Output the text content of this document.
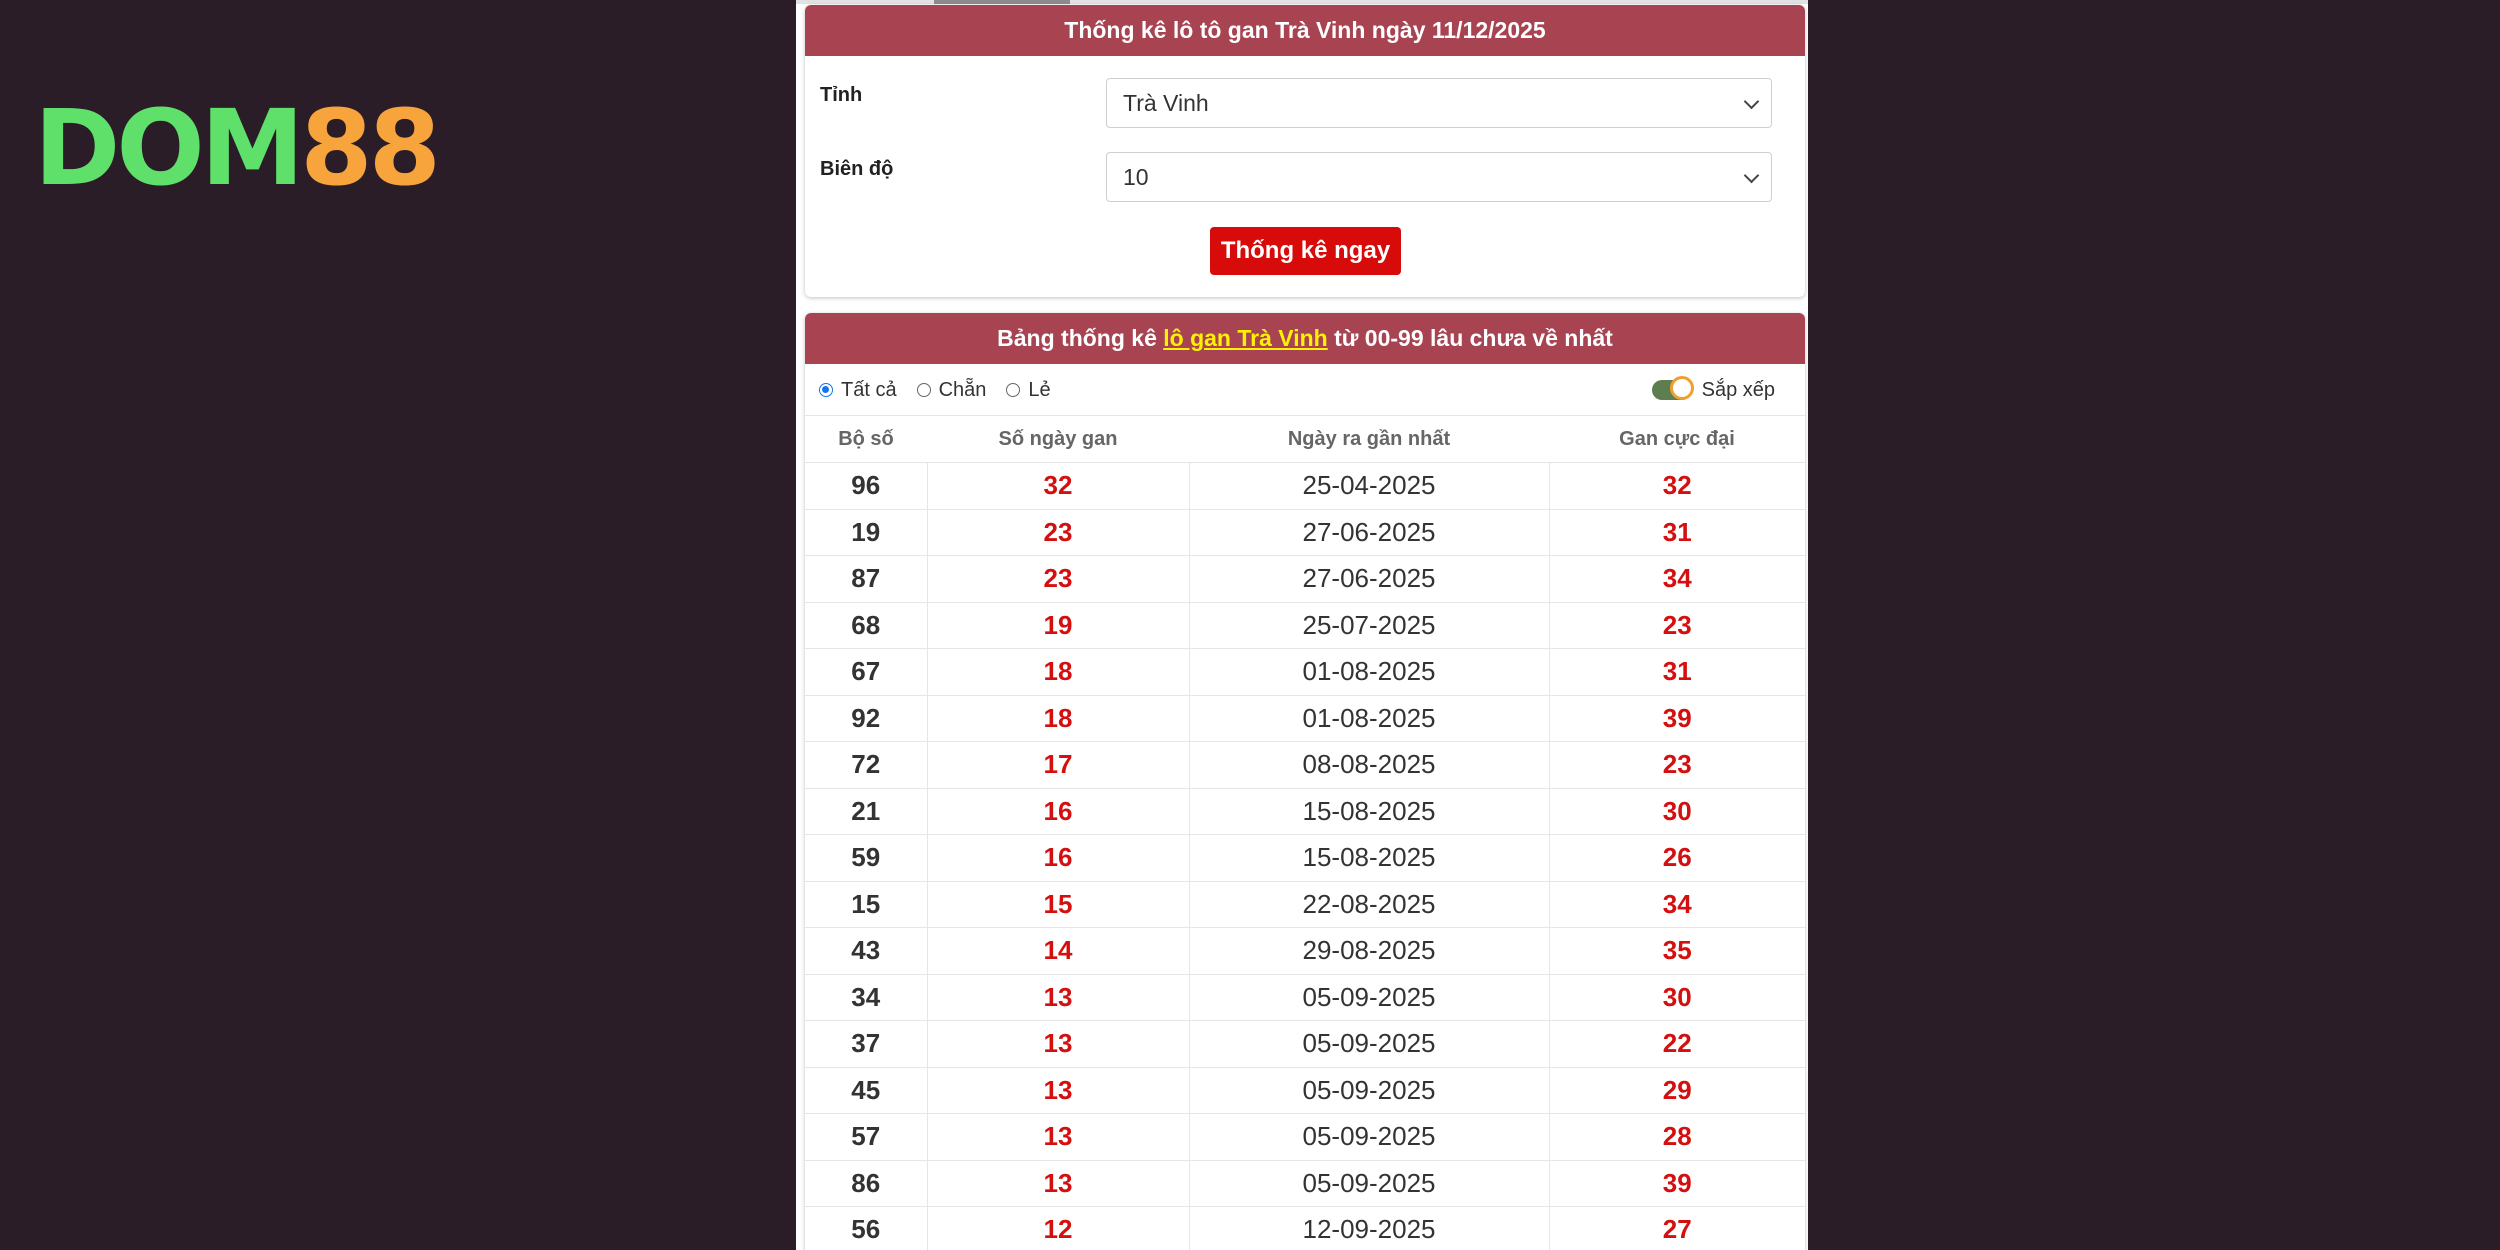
DOM88
Thống kê lô tô gan Trà Vinh ngày 11/12/2025
Tỉnh	Trà Vinh
Biên độ	10
Thống kê ngay
Bảng thống kê lô gan Trà Vinh từ 00-99 lâu chưa về nhất
Tất cả Chẵn Lẻ	Sắp xếp
Bộ số	Số ngày gan	Ngày ra gần nhất	Gan cực đại
96	32	25-04-2025	32
19	23	27-06-2025	31
87	23	27-06-2025	34
68	19	25-07-2025	23
67	18	01-08-2025	31
92	18	01-08-2025	39
72	17	08-08-2025	23
21	16	15-08-2025	30
59	16	15-08-2025	26
15	15	22-08-2025	34
43	14	29-08-2025	35
34	13	05-09-2025	30
37	13	05-09-2025	22
45	13	05-09-2025	29
57	13	05-09-2025	28
86	13	05-09-2025	39
56	12	12-09-2025	27
